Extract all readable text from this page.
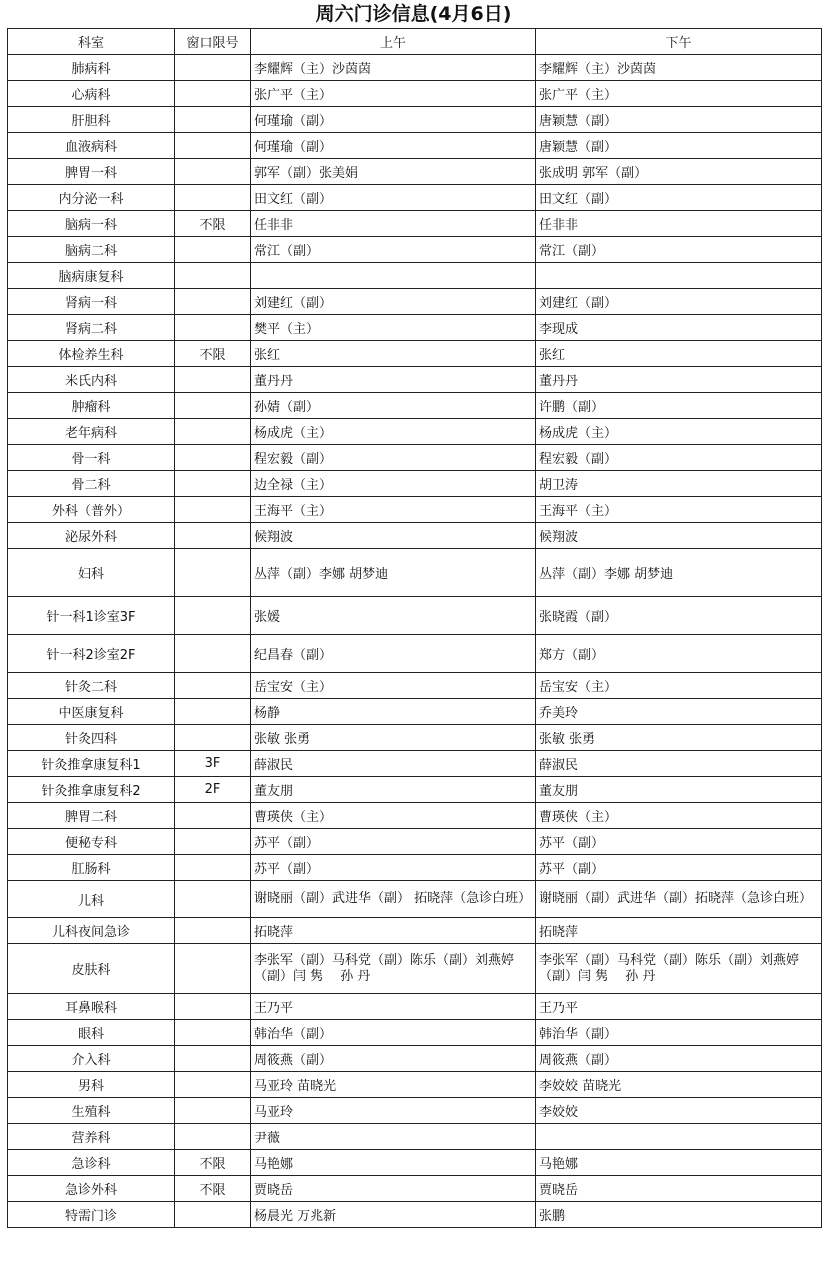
周六门诊信息(4月6日)
科室	窗口限号	上午	下午
肺病科		李耀辉（主）沙茵茵	李耀辉（主）沙茵茵
心病科		张广平（主）	张广平（主）
肝胆科		何瑾瑜（副）	唐颖慧（副）
血液病科		何瑾瑜（副）	唐颖慧（副）
脾胃一科		郭军（副）张美娟	张成明 郭军（副）
内分泌一科		田文红（副）	田文红（副）
脑病一科	不限	任非非	任非非
脑病二科		常江（副）	常江（副）
脑病康复科			
肾病一科		刘建红（副）	刘建红（副）
肾病二科		樊平（主）	李现成
体检养生科	不限	张红	张红
米氏内科		董丹丹	董丹丹
肿瘤科		孙婧（副）	许鹏（副）
老年病科		杨成虎（主）	杨成虎（主）
骨一科		程宏毅（副）	程宏毅（副）
骨二科		边全禄（主）	胡卫涛
外科（普外）		王海平（主）	王海平（主）
泌尿外科		候翔波	候翔波
妇科		丛萍（副）李娜 胡梦迪	丛萍（副）李娜 胡梦迪
针一科1诊室3F		张媛	张晓霞（副）
针一科2诊室2F		纪昌春（副）	郑方（副）
针灸二科		岳宝安（主）	岳宝安（主）
中医康复科		杨静	乔美玲
针灸四科		张敏 张勇	张敏 张勇
针灸推拿康复科1	3F	薛淑民	薛淑民
针灸推拿康复科2	2F	董友朋	董友朋
脾胃二科		曹瑛侠（主）	曹瑛侠（主）
便秘专科		苏平（副）	苏平（副）
肛肠科		苏平（副）	苏平（副）
儿科		谢晓丽（副）武进华（副） 拓晓萍（急诊白班）	谢晓丽（副）武进华（副）拓晓萍（急诊白班）
儿科夜间急诊		拓晓萍	拓晓萍
皮肤科		李张军（副）马科党（副）陈乐（副）刘燕婷（副）闫 隽　 孙 丹	李张军（副）马科党（副）陈乐（副）刘燕婷（副）闫 隽　 孙 丹
耳鼻喉科		王乃平	王乃平
眼科		韩治华（副）	韩治华（副）
介入科		周筱燕（副）	周筱燕（副）
男科		马亚玲 苗晓光	李姣姣 苗晓光
生殖科		马亚玲	李姣姣
营养科		尹薇	
急诊科	不限	马艳娜	马艳娜
急诊外科	不限	贾晓岳	贾晓岳
特需门诊		杨晨光 万兆新	张鹏
